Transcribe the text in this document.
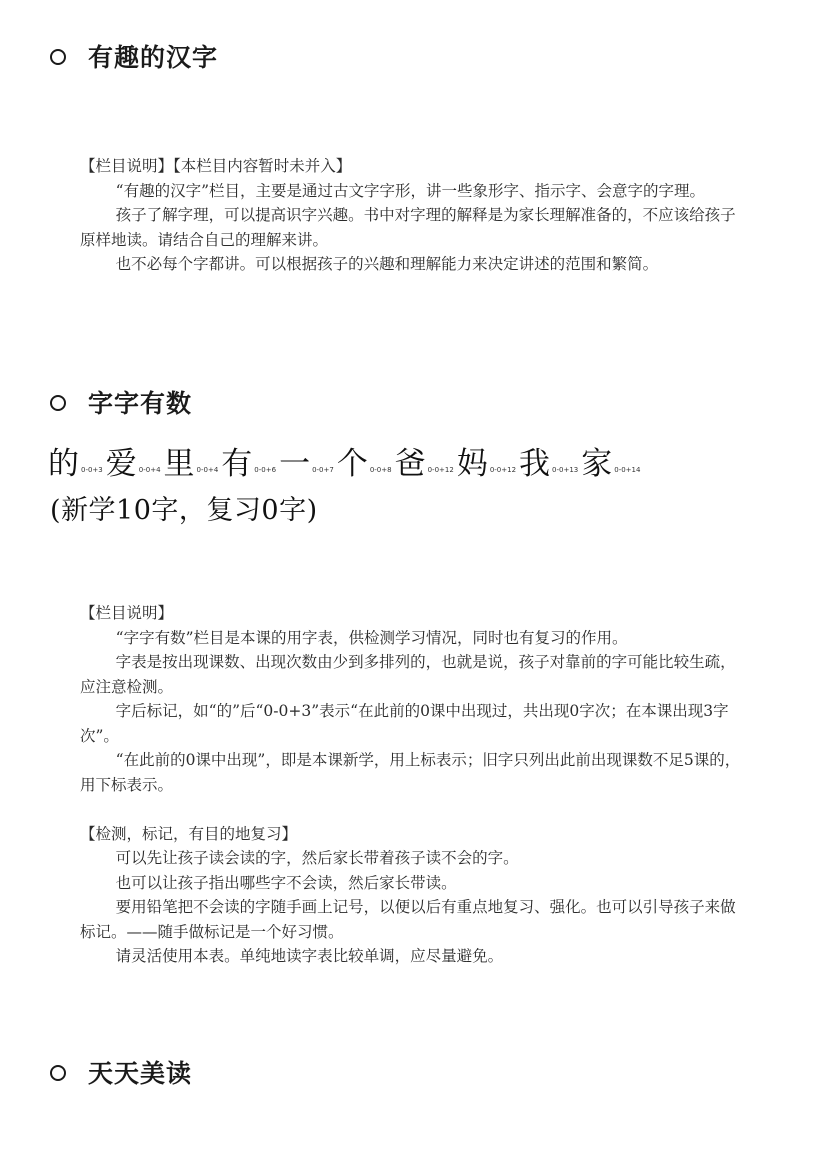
有趣的汉字

【栏目说明】【本栏目内容暂时未并入】

“有趣的汉字”栏目，主要是通过古文字字形，讲一些象形字、指示字、会意字的字理。

孩子了解字理，可以提高识字兴趣。书中对字理的解释是为家长理解准备的，不应该给孩子原样地读。请结合自己的理解来讲。

也不必每个字都讲。可以根据孩子的兴趣和理解能力来决定讲述的范围和繁简。

字字有数
的 0-0+3 爱 0-0+4 里 0-0+4 有 0-0+6 一 0-0+7 个 0-0+8 爸 0-0+12 妈 0-0+12 我 0-0+13 家 0-0+14
(新学10字，复习0字)

【栏目说明】

“字字有数”栏目是本课的用字表，供检测学习情况，同时也有复习的作用。

字表是按出现课数、出现次数由少到多排列的，也就是说，孩子对靠前的字可能比较生疏，应注意检测。

字后标记，如“的”后“0-0+3”表示“在此前的0课中出现过，共出现0字次；在本课出现3字次”。

“在此前的0课中出现”，即是本课新学，用上标表示；旧字只列出此前出现课数不足5课的，用下标表示。

【检测，标记，有目的地复习】

可以先让孩子读会读的字，然后家长带着孩子读不会的字。

也可以让孩子指出哪些字不会读，然后家长带读。

要用铅笔把不会读的字随手画上记号，以便以后有重点地复习、强化。也可以引导孩子来做标记。——随手做标记是一个好习惯。

请灵活使用本表。单纯地读字表比较单调，应尽量避免。

天天美读
